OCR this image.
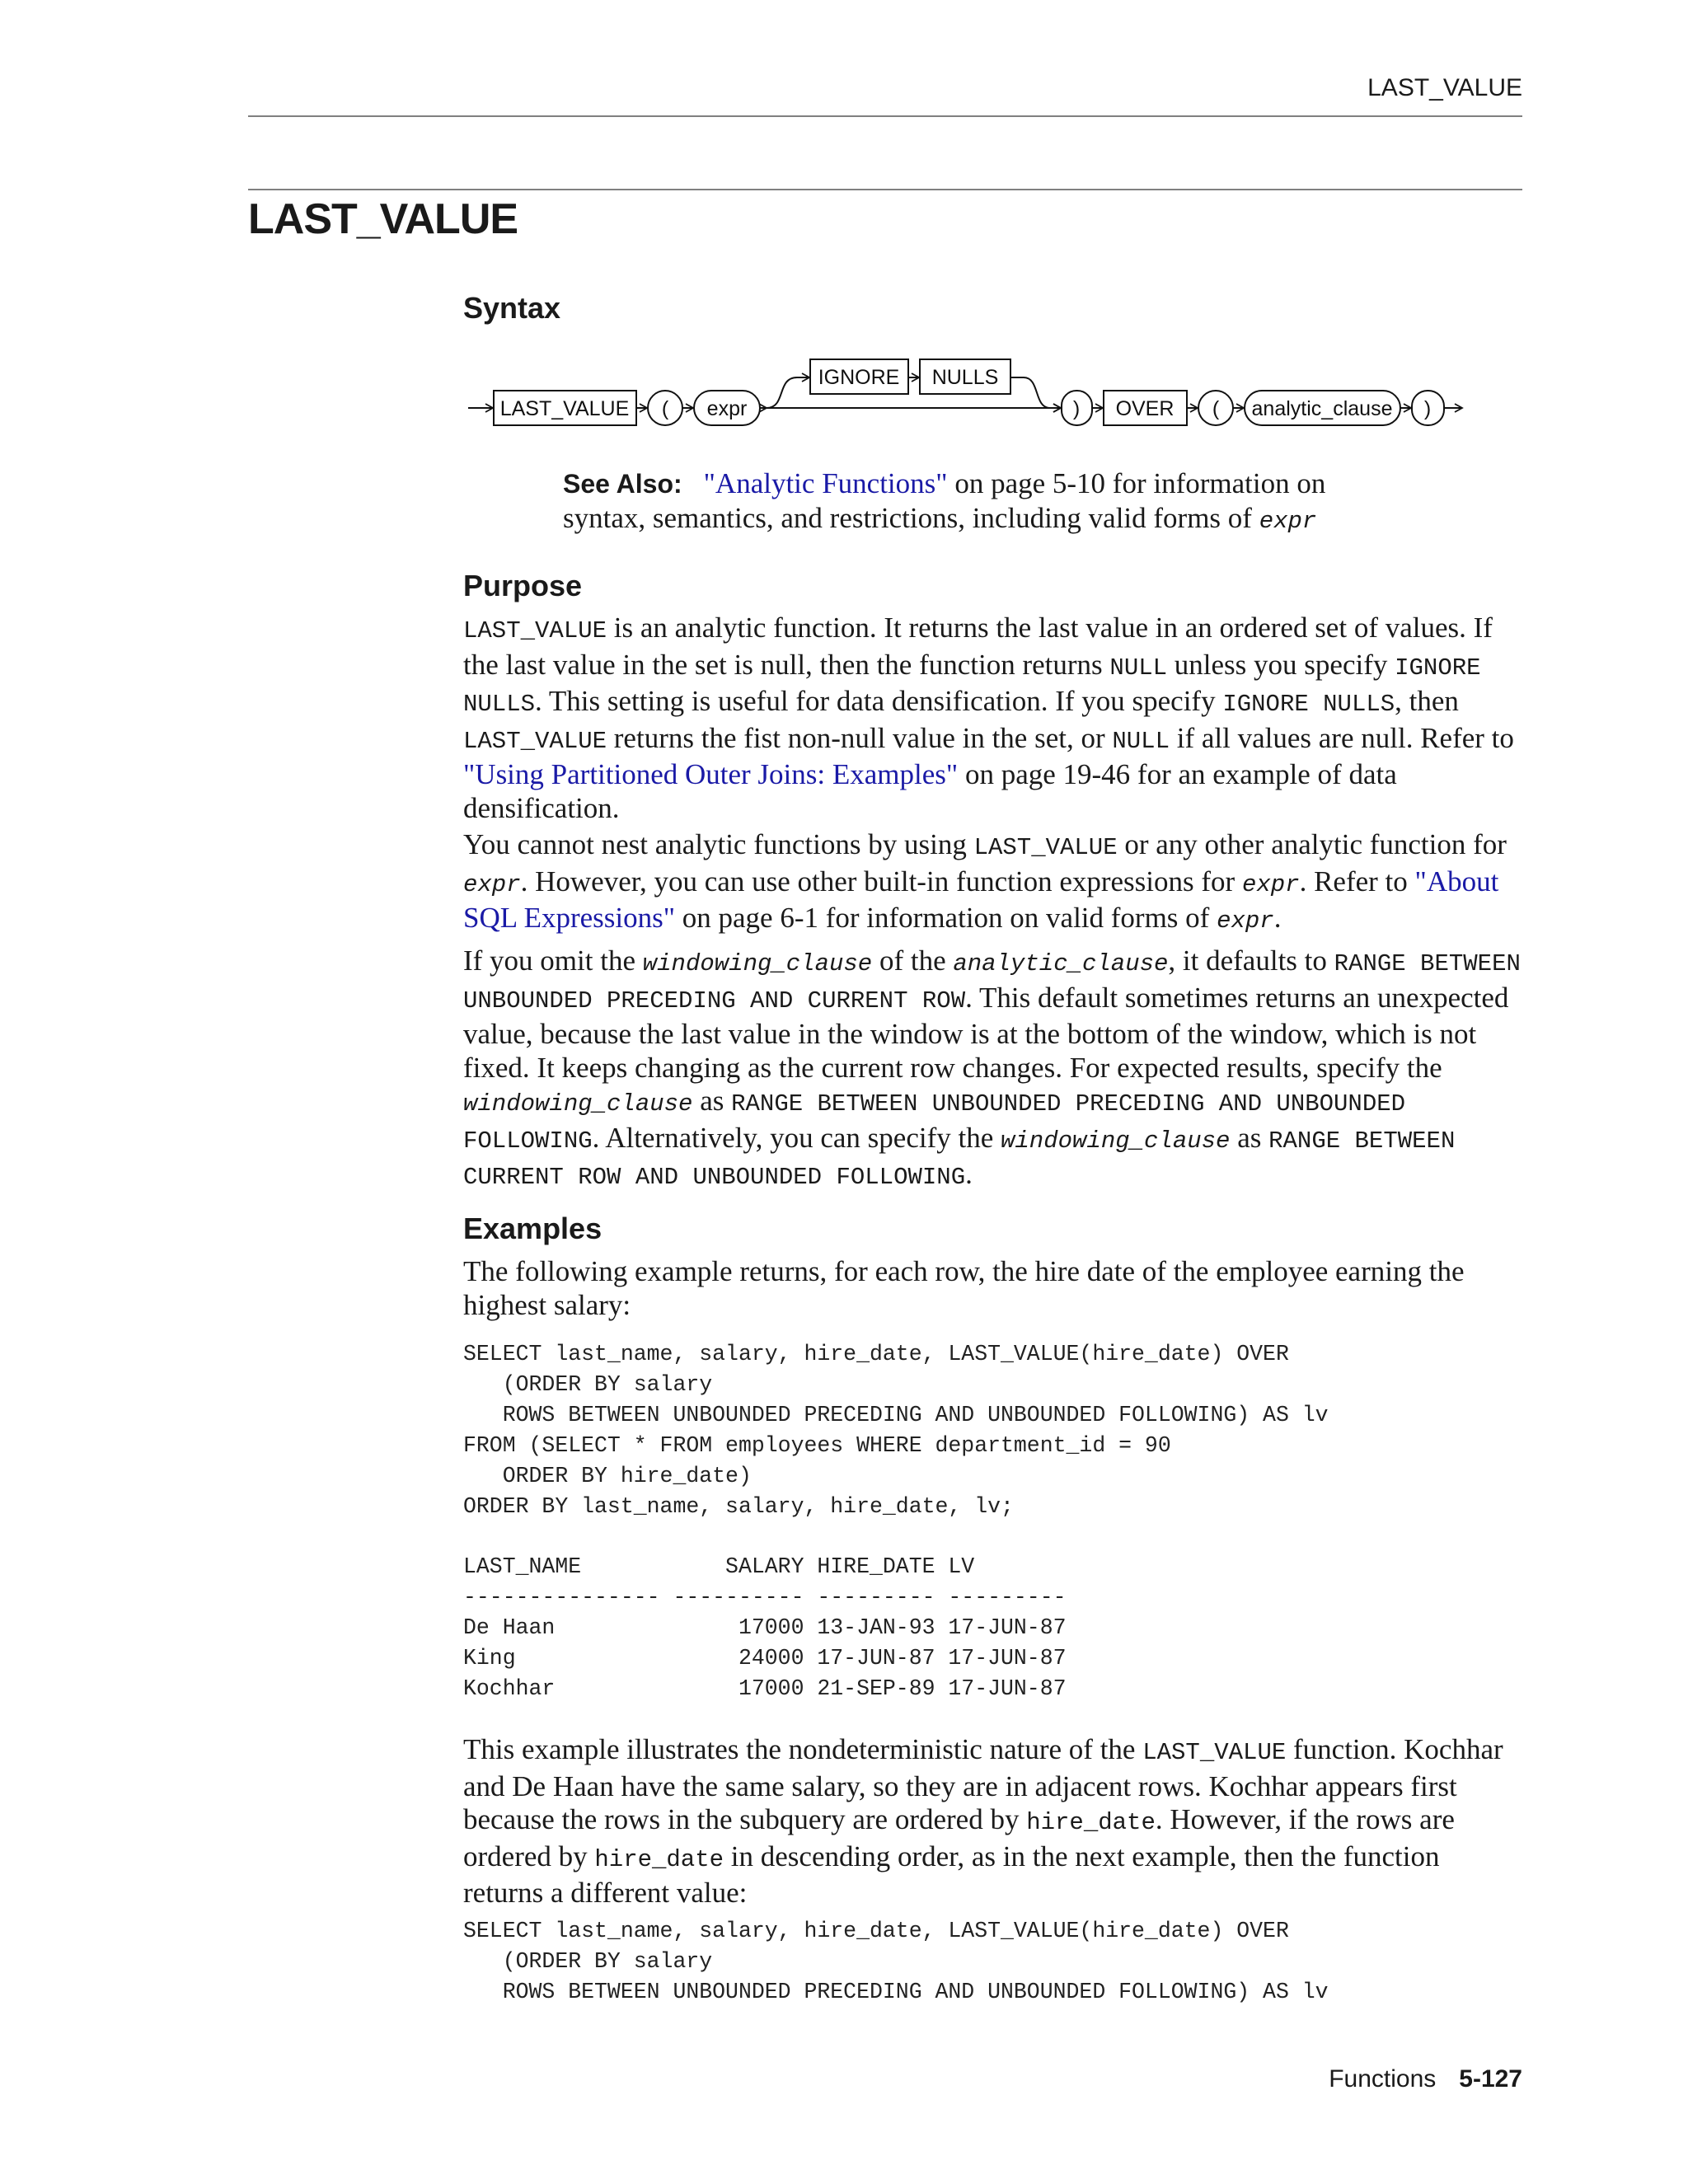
LAST_VALUE
LAST_VALUE
Syntax
LAST_VALUE ( expr
IGNORE NULLS
) OVER ( analytic_clause )
See Also: "Analytic Functions" on page 5-10 for information on syntax, semantics, and restrictions, including valid forms of expr
Purpose

LAST_VALUE is an analytic function. It returns the last value in an ordered set of values. If the last value in the set is null, then the function returns NULL unless you specify IGNORE NULLS. This setting is useful for data densification. If you specify IGNORE NULLS, then LAST_VALUE returns the fist non-null value in the set, or NULL if all values are null. Refer to "Using Partitioned Outer Joins: Examples" on page 19-46 for an example of data densification.

You cannot nest analytic functions by using LAST_VALUE or any other analytic function for expr. However, you can use other built-in function expressions for expr. Refer to "About SQL Expressions" on page 6-1 for information on valid forms of expr.

If you omit the windowing_clause of the analytic_clause, it defaults to RANGE BETWEEN UNBOUNDED PRECEDING AND CURRENT ROW. This default sometimes returns an unexpected value, because the last value in the window is at the bottom of the window, which is not fixed. It keeps changing as the current row changes. For expected results, specify the windowing_clause as RANGE BETWEEN UNBOUNDED PRECEDING AND UNBOUNDED FOLLOWING. Alternatively, you can specify the windowing_clause as RANGE BETWEEN CURRENT ROW AND UNBOUNDED FOLLOWING.

Examples

The following example returns, for each row, the hire date of the employee earning the highest salary:

SELECT last_name, salary, hire_date, LAST_VALUE(hire_date) OVER
(ORDER BY salary
ROWS BETWEEN UNBOUNDED PRECEDING AND UNBOUNDED FOLLOWING) AS lv
FROM (SELECT * FROM employees WHERE department_id = 90
ORDER BY hire_date)
ORDER BY last_name, salary, hire_date, lv;
LAST_NAME           SALARY HIRE_DATE LV
--------------- ---------- --------- ---------
De Haan              17000 13-JAN-93 17-JUN-87
King                 24000 17-JUN-87 17-JUN-87
Kochhar              17000 21-SEP-89 17-JUN-87

This example illustrates the nondeterministic nature of the LAST_VALUE function. Kochhar and De Haan have the same salary, so they are in adjacent rows. Kochhar appears first because the rows in the subquery are ordered by hire_date. However, if the rows are ordered by hire_date in descending order, as in the next example, then the function returns a different value:

SELECT last_name, salary, hire_date, LAST_VALUE(hire_date) OVER
(ORDER BY salary
ROWS BETWEEN UNBOUNDED PRECEDING AND UNBOUNDED FOLLOWING) AS lv
Functions 5-127
